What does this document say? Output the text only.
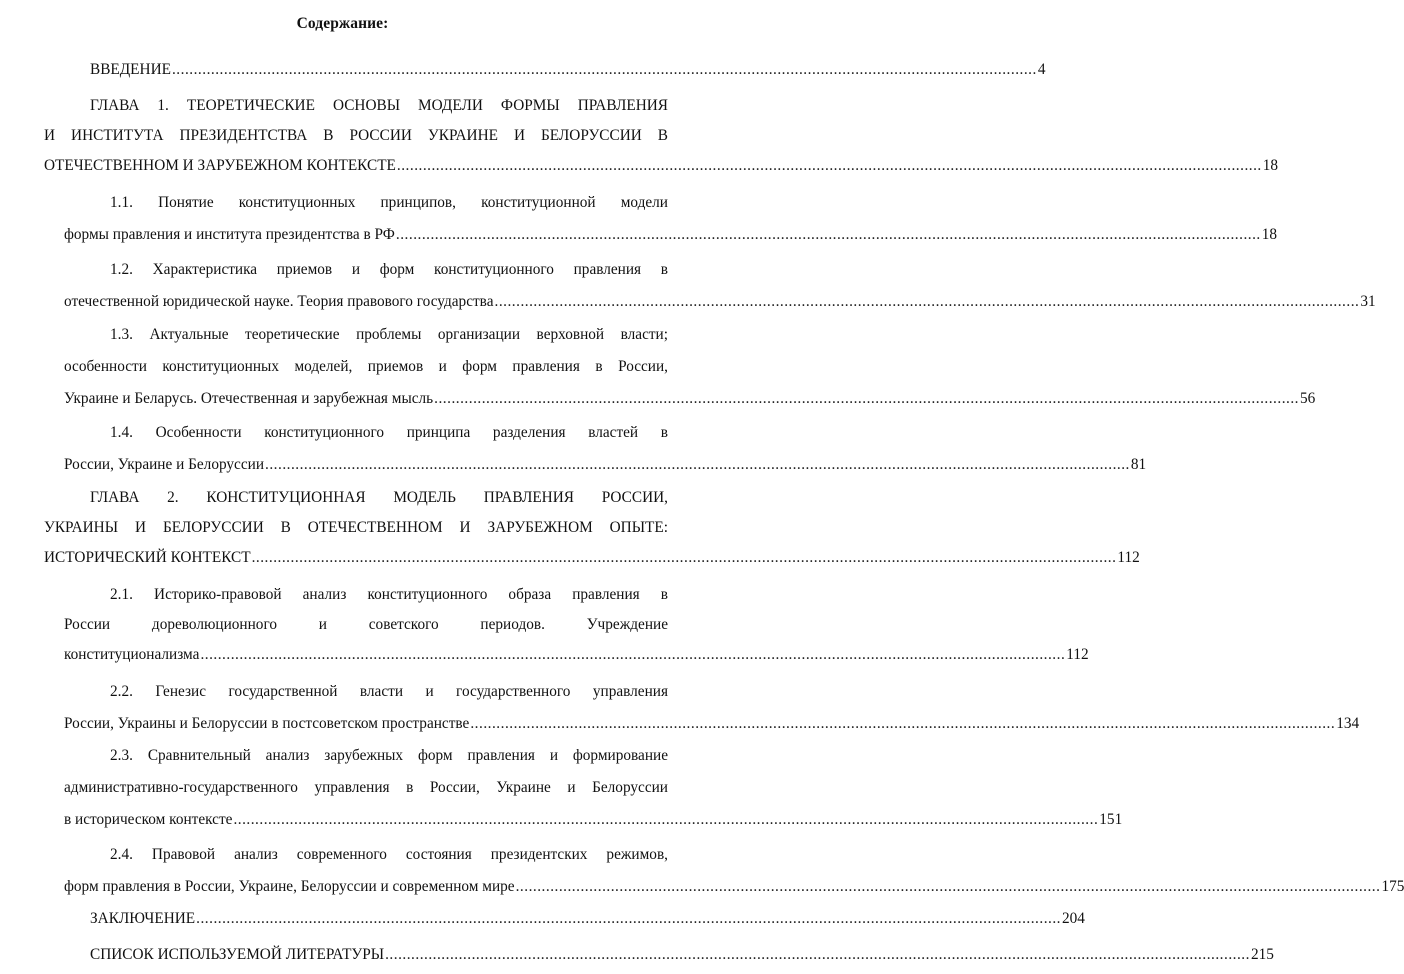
Содержание:
ВВЕДЕНИЕ ........................................................................................................................................................................................................ 4
ГЛАВА 1. ТЕОРЕТИЧЕСКИЕ ОСНОВЫ МОДЕЛИ ФОРМЫ ПРАВЛЕНИЯ
И ИНСТИТУТА ПРЕЗИДЕНТСТВА В РОССИИ УКРАИНЕ И БЕЛОРУССИИ В
ОТЕЧЕСТВЕННОМ И ЗАРУБЕЖНОМ КОНТЕКСТЕ ........................................................................................................................................................................................................ 18
1.1. Понятие конституционных принципов, конституционной модели
формы правления и института президентства в РФ ........................................................................................................................................................................................................ 18
1.2. Характеристика приемов и форм конституционного правления в
отечественной юридической науке. Теория правового государства ........................................................................................................................................................................................................ 31
1.3. Актуальные теоретические проблемы организации верховной власти;
особенности конституционных моделей, приемов и форм правления в России,
Украине и Беларусь. Отечественная и зарубежная мысль ........................................................................................................................................................................................................ 56
1.4. Особенности конституционного принципа разделения властей в
России, Украине и Белоруссии ........................................................................................................................................................................................................ 81
ГЛАВА 2. КОНСТИТУЦИОННАЯ МОДЕЛЬ ПРАВЛЕНИЯ РОССИИ,
УКРАИНЫ И БЕЛОРУССИИ В ОТЕЧЕСТВЕННОМ И ЗАРУБЕЖНОМ ОПЫТЕ:
ИСТОРИЧЕСКИЙ КОНТЕКСТ ........................................................................................................................................................................................................ 112
2.1. Историко-правовой анализ конституционного образа правления в
России дореволюционного и советского периодов. Учреждение
конституционализма ........................................................................................................................................................................................................ 112
2.2. Генезис государственной власти и государственного управления
России, Украины и Белоруссии в постсоветском пространстве ........................................................................................................................................................................................................ 134
2.3. Сравнительный анализ зарубежных форм правления и формирование
административно-государственного управления в России, Украине и Белоруссии
в историческом контексте ........................................................................................................................................................................................................ 151
2.4. Правовой анализ современного состояния президентских режимов,
форм правления в России, Украине, Белоруссии и современном мире ........................................................................................................................................................................................................ 175
ЗАКЛЮЧЕНИЕ ........................................................................................................................................................................................................ 204
СПИСОК ИСПОЛЬЗУЕМОЙ ЛИТЕРАТУРЫ ........................................................................................................................................................................................................ 215
